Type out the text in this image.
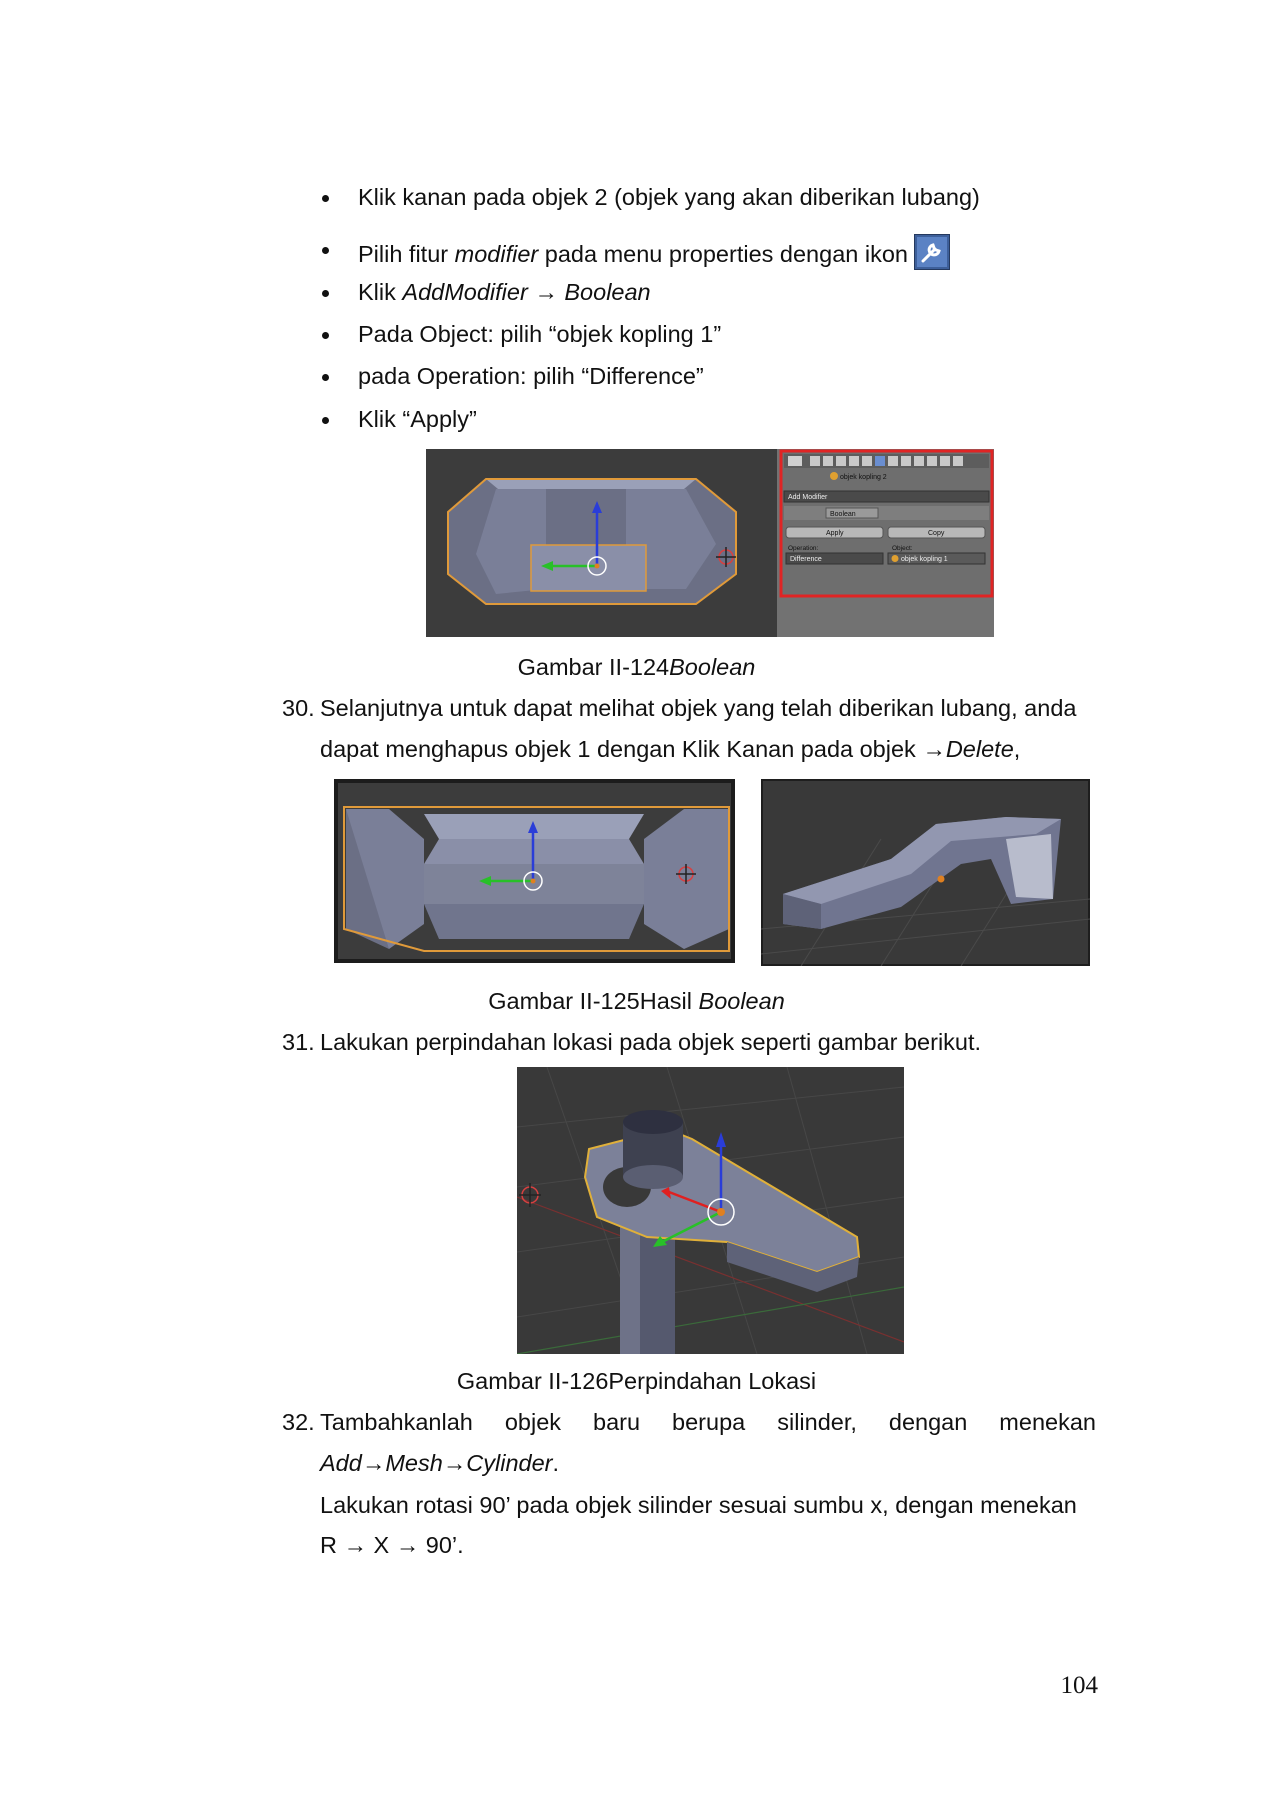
Klik kanan pada objek 2 (objek yang akan diberikan lubang)
Pilih fitur modifier pada menu properties dengan ikon
Klik AddModifier → Boolean
Pada Object: pilih “objek kopling 1”
pada Operation: pilih “Difference”
Klik “Apply”
objek kopling 2
Add Modifier
Boolean
Apply	Copy
Operation:	Object:
Difference	objek kopling 1
Gambar II-124Boolean
30. Selanjutnya untuk dapat melihat objek yang telah diberikan lubang, anda
dapat menghapus objek 1 dengan Klik Kanan pada objek →Delete,
Gambar II-125Hasil Boolean
31. Lakukan perpindahan lokasi pada objek seperti gambar berikut.
Gambar II-126Perpindahan Lokasi
32. Tambahkanlah objek baru berupa silinder, dengan menekan
Add→Mesh→Cylinder.
Lakukan rotasi 90’ pada objek silinder sesuai sumbu x, dengan menekan
R → X → 90’.
104
